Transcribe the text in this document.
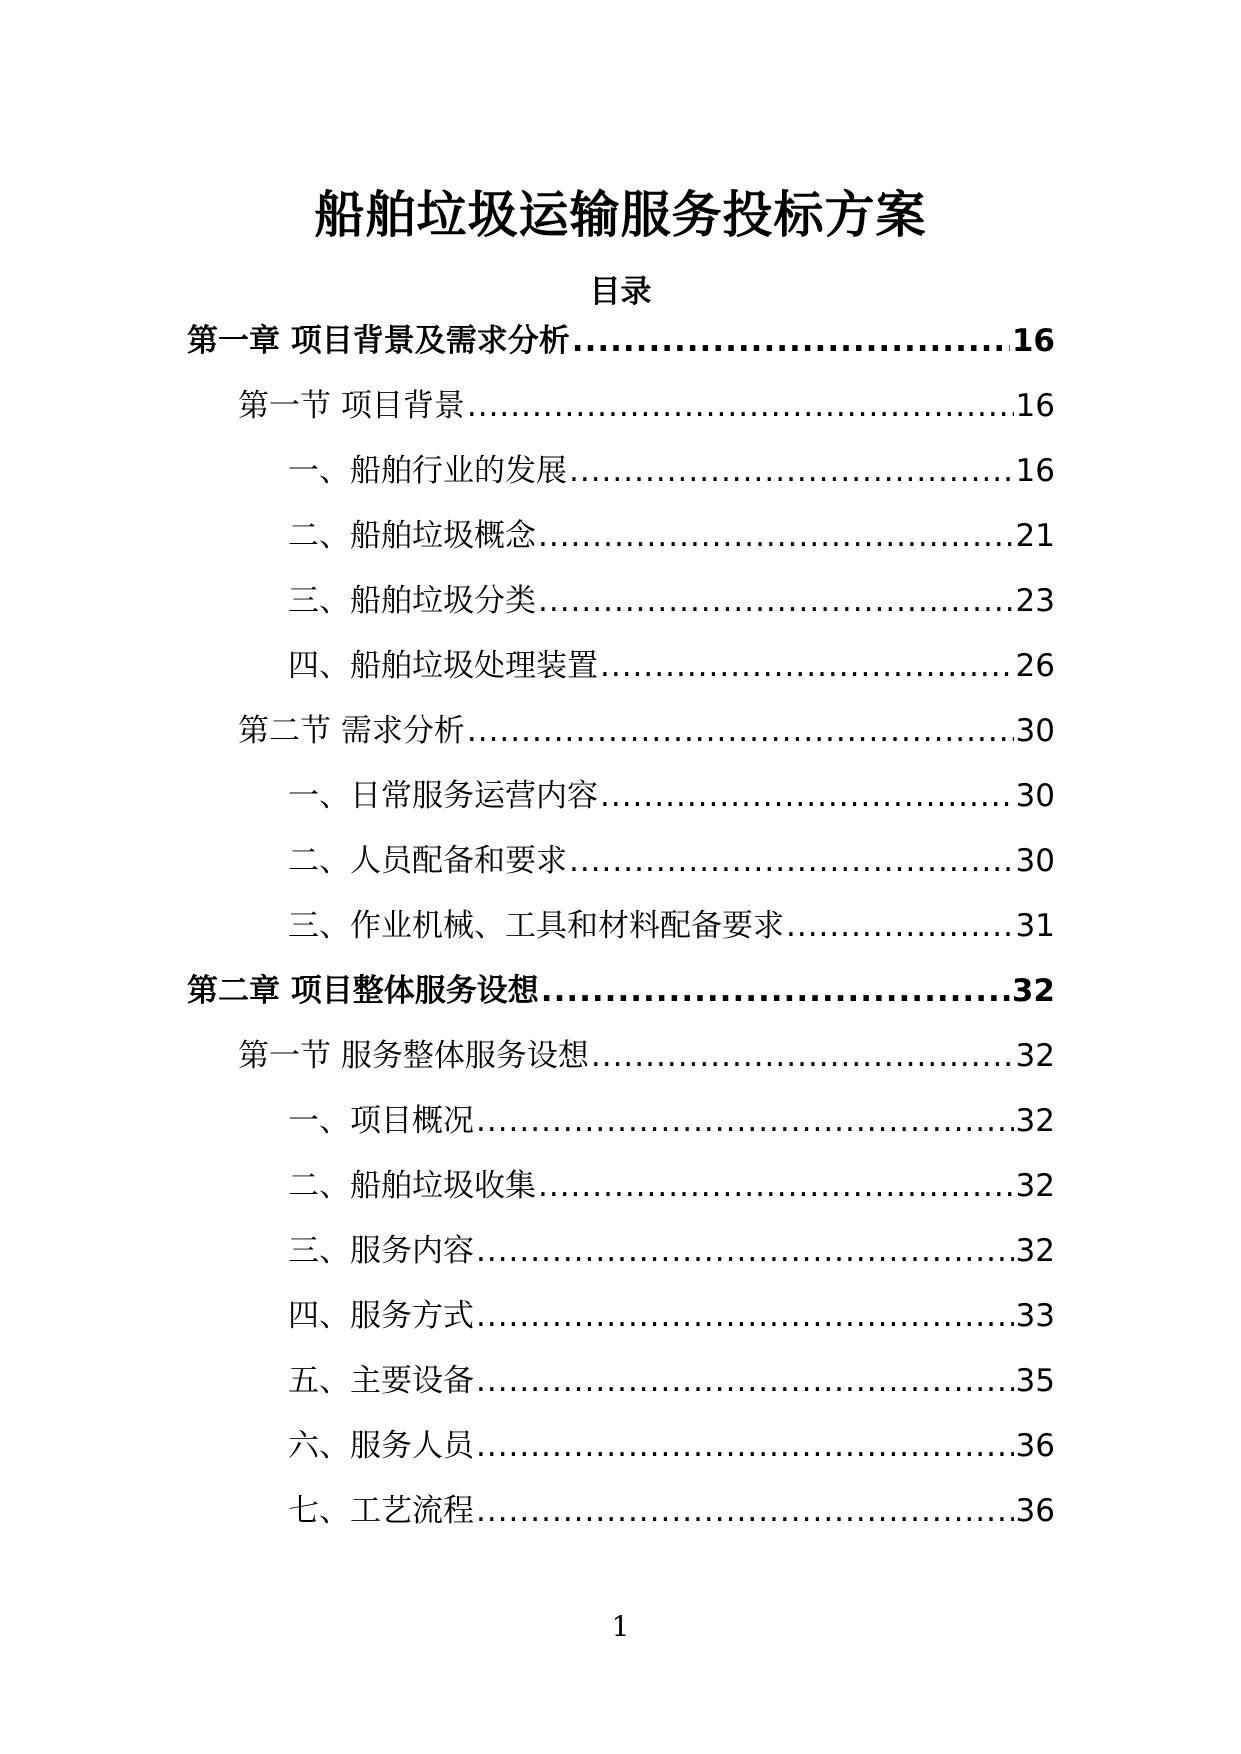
船舶垃圾运输服务投标方案
目录
第一章 项目背景及需求分析 .....	16
第一节 项目背景 .....	16
一、船舶行业的发展 .....	16
二、船舶垃圾概念 .....	21
三、船舶垃圾分类 .....	23
四、船舶垃圾处理装置 .....	26
第二节 需求分析 .....	30
一、日常服务运营内容 .....	30
二、人员配备和要求 .....	30
三、作业机械、工具和材料配备要求 .....	31
第二章 项目整体服务设想 .....	32
第一节 服务整体服务设想 .....	32
一、项目概况 .....	32
二、船舶垃圾收集 .....	32
三、服务内容 .....	32
四、服务方式 .....	33
五、主要设备 .....	35
六、服务人员 .....	36
七、工艺流程 .....	36
1
